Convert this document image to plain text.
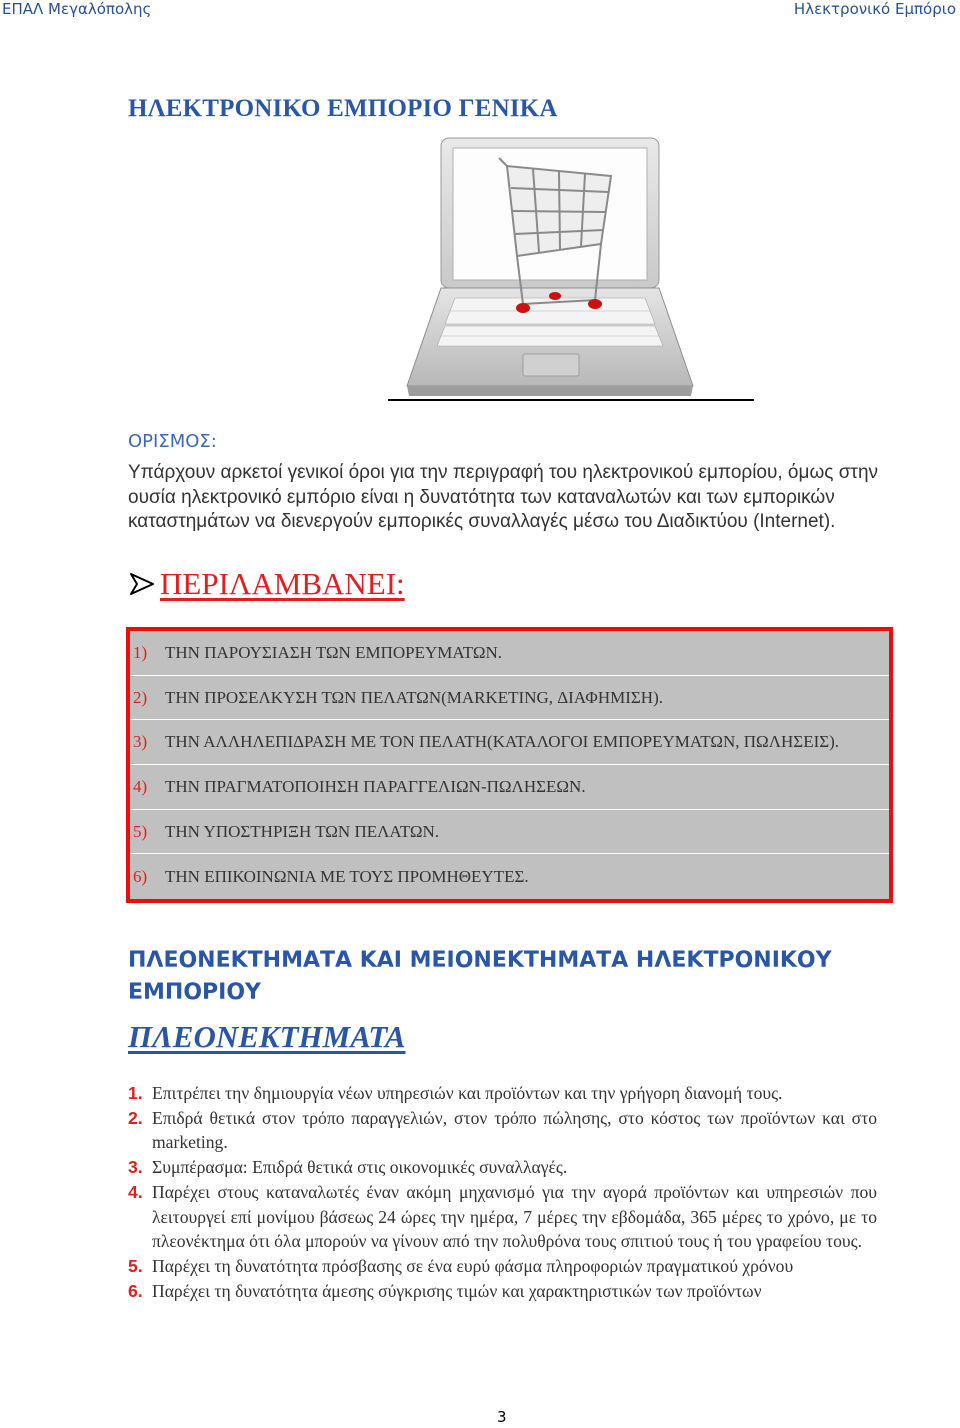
ΕΠΑΛ Μεγαλόπολης	Ηλεκτρονικό Εμπόριο
ΗΛΕΚΤΡΟΝΙΚΟ ΕΜΠΟΡΙΟ ΓΕΝΙΚΑ
ΟΡΙΣΜΟΣ:

Υπάρχουν αρκετοί γενικοί όροι για την περιγραφή του ηλεκτρονικού εμπορίου, όμως στην ουσία ηλεκτρονικό εμπόριο είναι η δυνατότητα των καταναλωτών και των εμπορικών καταστημάτων να διενεργούν εμπορικές συναλλαγές μέσω του Διαδικτύου (Internet).

ΠΕΡΙΛΑΜΒΑΝΕΙ:
1)	ΤΗΝ ΠΑΡΟΥΣΙΑΣΗ ΤΩΝ ΕΜΠΟΡΕΥΜΑΤΩΝ.
2)	ΤΗΝ ΠΡΟΣΕΛΚΥΣΗ ΤΩΝ ΠΕΛΑΤΩΝ(MARKETING, ΔΙΑΦΗΜΙΣΗ).
3)	ΤΗΝ ΑΛΛΗΛΕΠΙΔΡΑΣΗ ΜΕ ΤΟΝ ΠΕΛΑΤΗ(ΚΑΤΑΛΟΓΟΙ ΕΜΠΟΡΕΥΜΑΤΩΝ, ΠΩΛΗΣΕΙΣ).
4)	ΤΗΝ ΠΡΑΓΜΑΤΟΠΟΙΗΣΗ ΠΑΡΑΓΓΕΛΙΩΝ-ΠΩΛΗΣΕΩΝ.
5)	ΤΗΝ ΥΠΟΣΤΗΡΙΞΗ ΤΩΝ ΠΕΛΑΤΩΝ.
6)	ΤΗΝ ΕΠΙΚΟΙΝΩΝΙΑ ΜΕ ΤΟΥΣ ΠΡΟΜΗΘΕΥΤΕΣ.
ΠΛΕΟΝΕΚΤΗΜΑΤΑ ΚΑΙ ΜΕΙΟΝΕΚΤΗΜΑΤΑ ΗΛΕΚΤΡΟΝΙΚΟΥ ΕΜΠΟΡΙΟΥ
ΠΛΕΟΝΕΚΤΗΜΑΤΑ
1. Επιτρέπει την δημιουργία νέων υπηρεσιών και προϊόντων και την γρήγορη διανομή τους.
2. Επιδρά θετικά στον τρόπο παραγγελιών, στον τρόπο πώλησης, στο κόστος των προϊόντων και στο marketing.
3. Συμπέρασμα: Επιδρά θετικά στις οικονομικές συναλλαγές.
4. Παρέχει στους καταναλωτές έναν ακόμη μηχανισμό για την αγορά προϊόντων και υπηρεσιών που λειτουργεί επί μονίμου βάσεως 24 ώρες την ημέρα, 7 μέρες την εβδομάδα, 365 μέρες το χρόνο, με το πλεονέκτημα ότι όλα μπορούν να γίνουν από την πολυθρόνα τους σπιτιού τους ή του γραφείου τους.
5. Παρέχει τη δυνατότητα πρόσβασης σε ένα ευρύ φάσμα πληροφοριών πραγματικού χρόνου
6. Παρέχει τη δυνατότητα άμεσης σύγκρισης τιμών και χαρακτηριστικών των προϊόντων
3
